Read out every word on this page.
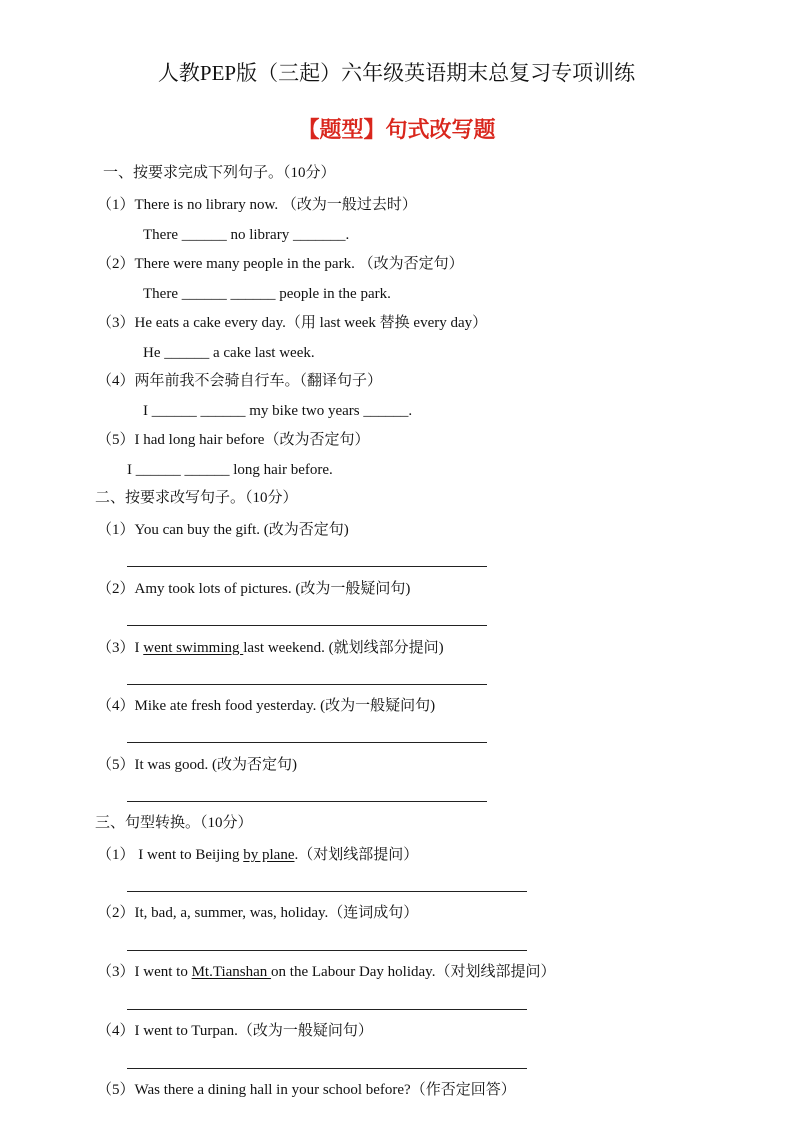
人教PEP版（三起）六年级英语期末总复习专项训练
【题型】句式改写题
一、按要求完成下列句子。（10分）
（1）There is no library now. （改为一般过去时）
There ______ no library _______.
（2）There were many people in the park. （改为否定句）
There ______ ______ people in the park.
（3）He eats a cake every day.（用 last week 替换 every day）
He ______ a cake last week.
（4）两年前我不会骑自行车。（翻译句子）
I ______ ______ my bike two years ______.
（5）I had long hair before（改为否定句）
I ______ ______ long hair before.
二、按要求改写句子。（10分）
（1）You can buy the gift. (改为否定句)
（2）Amy took lots of pictures. (改为一般疑问句)
（3）I went swimming last weekend. (就划线部分提问)
（4）Mike ate fresh food yesterday. (改为一般疑问句)
（5）It was good. (改为否定句)
三、句型转换。（10分）
（1） I went to Beijing by plane.（对划线部提问）
（2）It, bad, a, summer, was, holiday.（连词成句）
（3）I went to Mt.Tianshan on the Labour Day holiday.（对划线部提问）
（4）I went to Turpan.（改为一般疑问句）
（5）Was there a dining hall in your school before?（作否定回答）
